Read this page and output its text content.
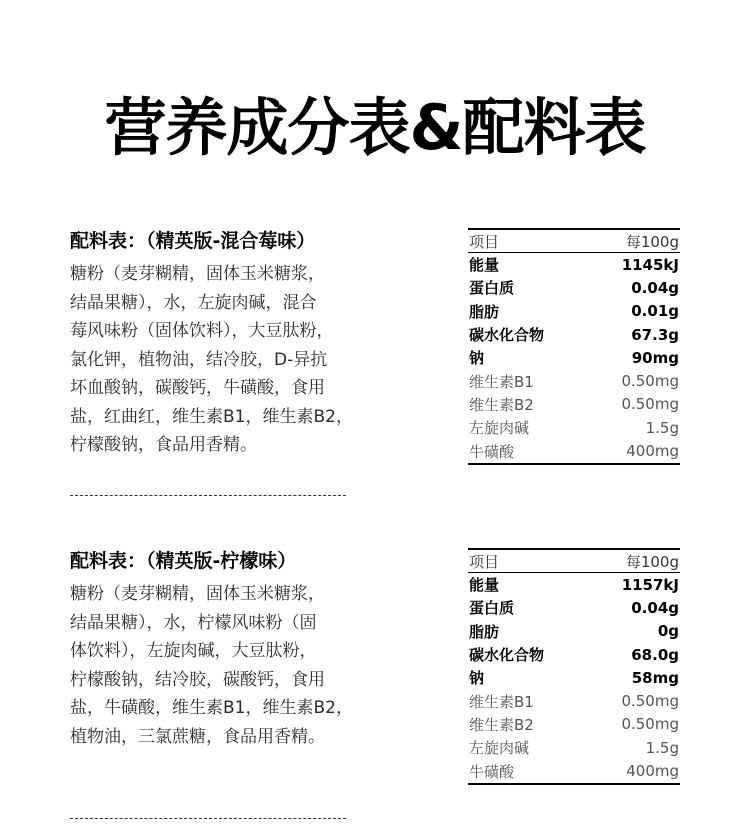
营养成分表&配料表
配料表：（精英版-混合莓味）
糖粉（麦芽糊精，固体玉米糖浆，
结晶果糖），水，左旋肉碱，混合
莓风味粉（固体饮料），大豆肽粉，
氯化钾，植物油，结冷胶，D-异抗
坏血酸钠，碳酸钙，牛磺酸，食用
盐，红曲红，维生素B1，维生素B2，
柠檬酸钠，食品用香精。
项目	每100g
能量	1145kJ
蛋白质	0.04g
脂肪	0.01g
碳水化合物	67.3g
钠	90mg
维生素B1	0.50mg
维生素B2	0.50mg
左旋肉碱	1.5g
牛磺酸	400mg
配料表：（精英版-柠檬味）
糖粉（麦芽糊精，固体玉米糖浆，
结晶果糖），水，柠檬风味粉（固
体饮料），左旋肉碱，大豆肽粉，
柠檬酸钠，结冷胶，碳酸钙，食用
盐，牛磺酸，维生素B1，维生素B2，
植物油，三氯蔗糖，食品用香精。
项目	每100g
能量	1157kJ
蛋白质	0.04g
脂肪	0g
碳水化合物	68.0g
钠	58mg
维生素B1	0.50mg
维生素B2	0.50mg
左旋肉碱	1.5g
牛磺酸	400mg
